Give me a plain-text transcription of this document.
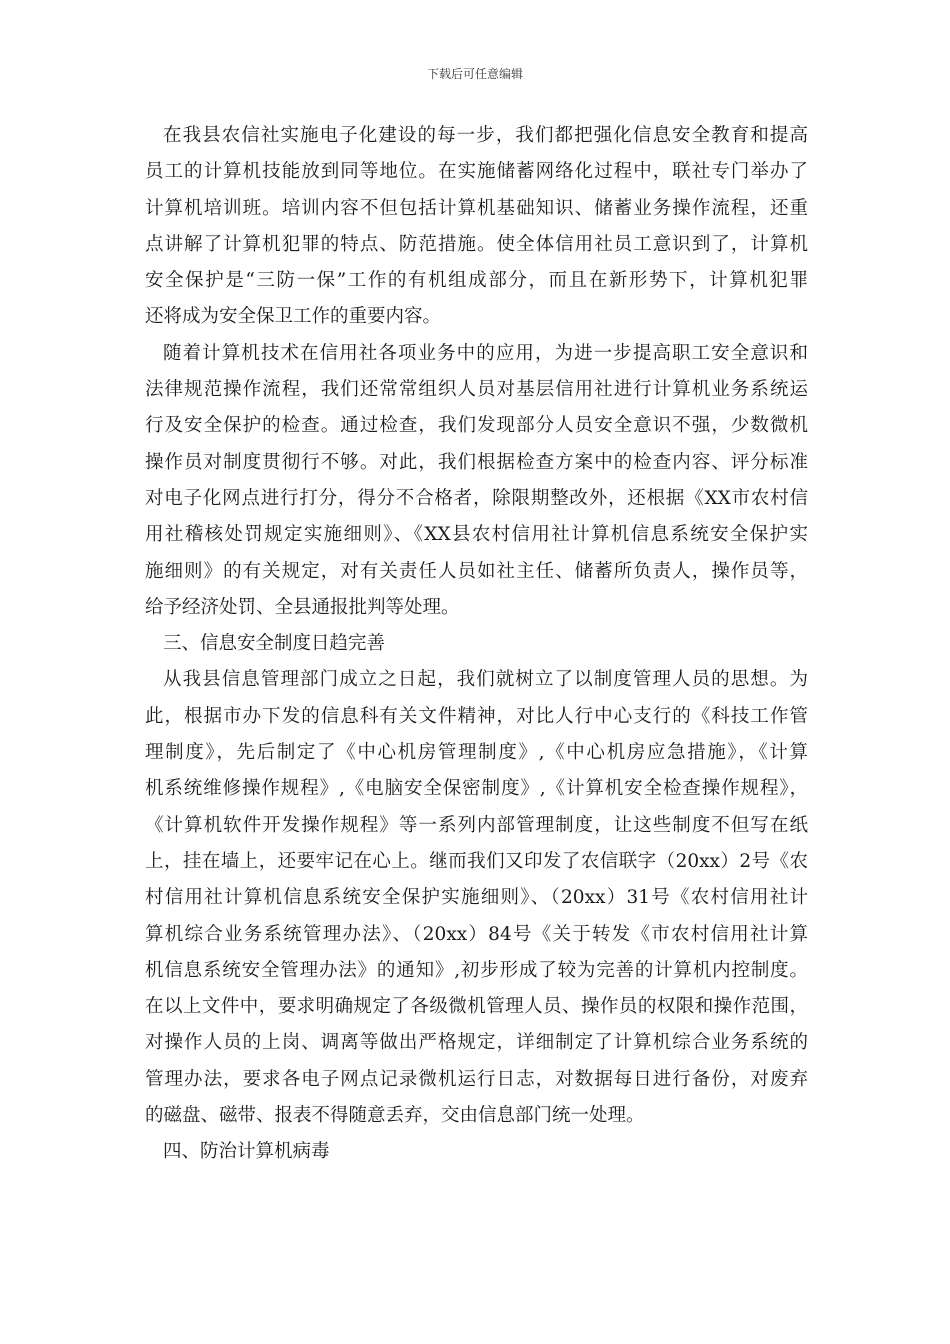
下载后可任意编辑
在我县农信社实施电子化建设的每一步，我们都把强化信息安全教育和提高
员工的计算机技能放到同等地位。在实施储蓄网络化过程中，联社专门举办了
计算机培训班。培训内容不但包括计算机基础知识、储蓄业务操作流程，还重
点讲解了计算机犯罪的特点、防范措施。使全体信用社员工意识到了，计算机
安全保护是“三防一保”工作的有机组成部分，而且在新形势下，计算机犯罪
还将成为安全保卫工作的重要内容。
随着计算机技术在信用社各项业务中的应用，为进一步提高职工安全意识和
法律规范操作流程，我们还常常组织人员对基层信用社进行计算机业务系统运
行及安全保护的检查。通过检查，我们发现部分人员安全意识不强，少数微机
操作员对制度贯彻行不够。对此，我们根据检查方案中的检查内容、评分标准
对电子化网点进行打分，得分不合格者，除限期整改外，还根据《XX市农村信
用社稽核处罚规定实施细则》、《XX县农村信用社计算机信息系统安全保护实
施细则》的有关规定，对有关责任人员如社主任、储蓄所负责人，操作员等，
给予经济处罚、全县通报批判等处理。
三、信息安全制度日趋完善
从我县信息管理部门成立之日起，我们就树立了以制度管理人员的思想。为
此，根据市办下发的信息科有关文件精神，对比人行中心支行的《科技工作管
理制度》，先后制定了《中心机房管理制度》,《中心机房应急措施》，《计算
机系统维修操作规程》,《电脑安全保密制度》,《计算机安全检查操作规程》，
《计算机软件开发操作规程》等一系列内部管理制度，让这些制度不但写在纸
上，挂在墙上，还要牢记在心上。继而我们又印发了农信联字（20xx）2号《农
村信用社计算机信息系统安全保护实施细则》、（20xx）31号《农村信用社计
算机综合业务系统管理办法》、（20xx）84号《关于转发《市农村信用社计算
机信息系统安全管理办法》的通知》,初步形成了较为完善的计算机内控制度。
在以上文件中，要求明确规定了各级微机管理人员、操作员的权限和操作范围，
对操作人员的上岗、调离等做出严格规定，详细制定了计算机综合业务系统的
管理办法，要求各电子网点记录微机运行日志，对数据每日进行备份，对废弃
的磁盘、磁带、报表不得随意丢弃，交由信息部门统一处理。
四、防治计算机病毒
